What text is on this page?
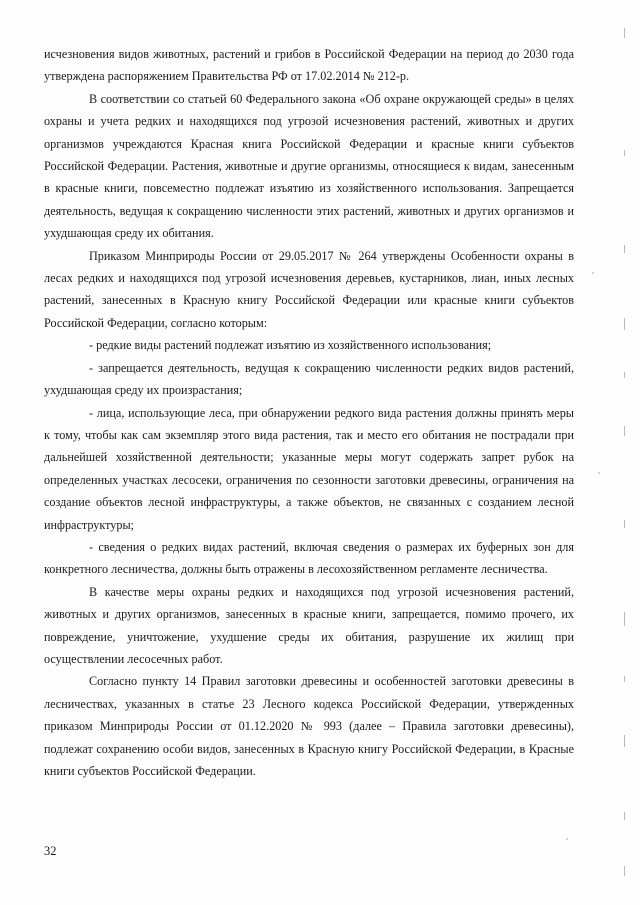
исчезновения видов животных, растений и грибов в Российской Федерации на период до 2030 года утверждена распоряжением Правительства РФ от 17.02.2014 № 212-р.

В соответствии со статьей 60 Федерального закона «Об охране окружающей среды» в целях охраны и учета редких и находящихся под угрозой исчезновения растений, животных и других организмов учреждаются Красная книга Российской Федерации и красные книги субъектов Российской Федерации. Растения, животные и другие организмы, относящиеся к видам, занесенным в красные книги, повсеместно подлежат изъятию из хозяйственного использования. Запрещается деятельность, ведущая к сокращению численности этих растений, животных и других организмов и ухудшающая среду их обитания.

Приказом Минприроды России от 29.05.2017 № 264 утверждены Особенности охраны в лесах редких и находящихся под угрозой исчезновения деревьев, кустарников, лиан, иных лесных растений, занесенных в Красную книгу Российской Федерации или красные книги субъектов Российской Федерации, согласно которым:

- редкие виды растений подлежат изъятию из хозяйственного использования;

- запрещается деятельность, ведущая к сокращению численности редких видов растений, ухудшающая среду их произрастания;

- лица, использующие леса, при обнаружении редкого вида растения должны принять меры к тому, чтобы как сам экземпляр этого вида растения, так и место его обитания не пострадали при дальнейшей хозяйственной деятельности; указанные меры могут содержать запрет рубок на определенных участках лесосеки, ограничения по сезонности заготовки древесины, ограничения на создание объектов лесной инфраструктуры, а также объектов, не связанных с созданием лесной инфраструктуры;

- сведения о редких видах растений, включая сведения о размерах их буферных зон для конкретного лесничества, должны быть отражены в лесохозяйственном регламенте лесничества.

В качестве меры охраны редких и находящихся под угрозой исчезновения растений, животных и других организмов, занесенных в красные книги, запрещается, помимо прочего, их повреждение, уничтожение, ухудшение среды их обитания, разрушение их жилищ при осуществлении лесосечных работ.

Согласно пункту 14 Правил заготовки древесины и особенностей заготовки древесины в лесничествах, указанных в статье 23 Лесного кодекса Российской Федерации, утвержденных приказом Минприроды России от 01.12.2020 № 993 (далее – Правила заготовки древесины), подлежат сохранению особи видов, занесенных в Красную книгу Российской Федерации, в Красные книги субъектов Российской Федерации.

32
